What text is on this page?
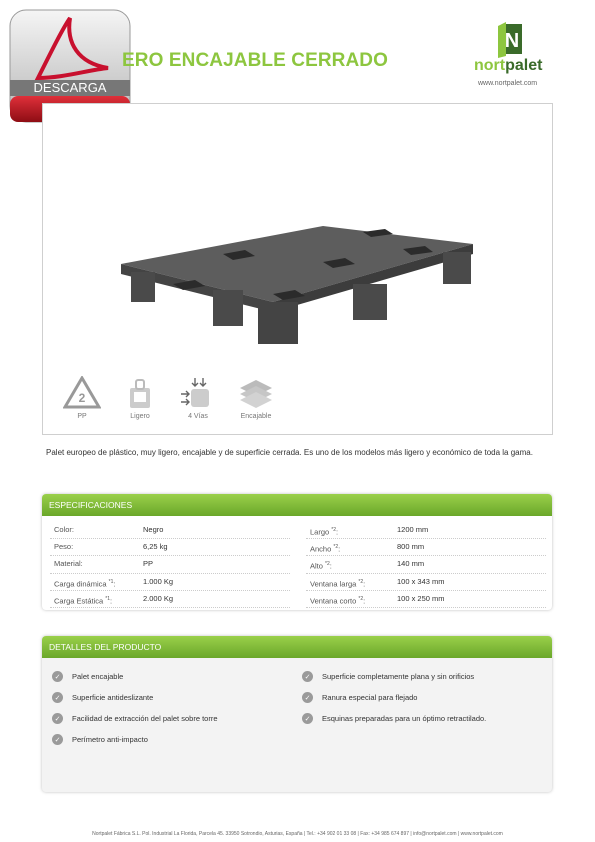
DESCARGA
ERO ENCAJABLE CERRADO
N
nortpalet
www.nortpalet.com
2
PP	Ligero	4 Vías	Encajable
Palet europeo de plástico, muy ligero, encajable y de superficie cerrada. Es uno de los modelos más ligero y económico de toda la gama.
ESPECIFICACIONES
Color:	Negro
Peso:	6,25 kg
Material:	PP
Carga dinámica $^{*1}$:	1.000 Kg
Carga Estática $^{*1}$:	2.000 Kg
Largo $^{*2}$:	1200 mm
Ancho $^{*2}$:	800 mm
Alto $^{*2}$:	140 mm
Ventana larga $^{*2}$:	100 x 343 mm
Ventana corto $^{*2}$:	100 x 250 mm
DETALLES DEL PRODUCTO
✓	Palet encajable
✓	Superficie antideslizante
✓	Facilidad de extracción del palet sobre torre
✓	Perímetro anti-impacto
✓	Superficie completamente plana y sin orificios
✓	Ranura especial para flejado
✓	Esquinas preparadas para un óptimo retractilado.
Nortpalet Fábrica S.L. Pol. Industrial La Florida, Parcela 45. 33950 Sotrondio, Asturias, España | Tel.: +34 902 01 33 08 | Fax: +34 985 674 897 | info@nortpalet.com | www.nortpalet.com
